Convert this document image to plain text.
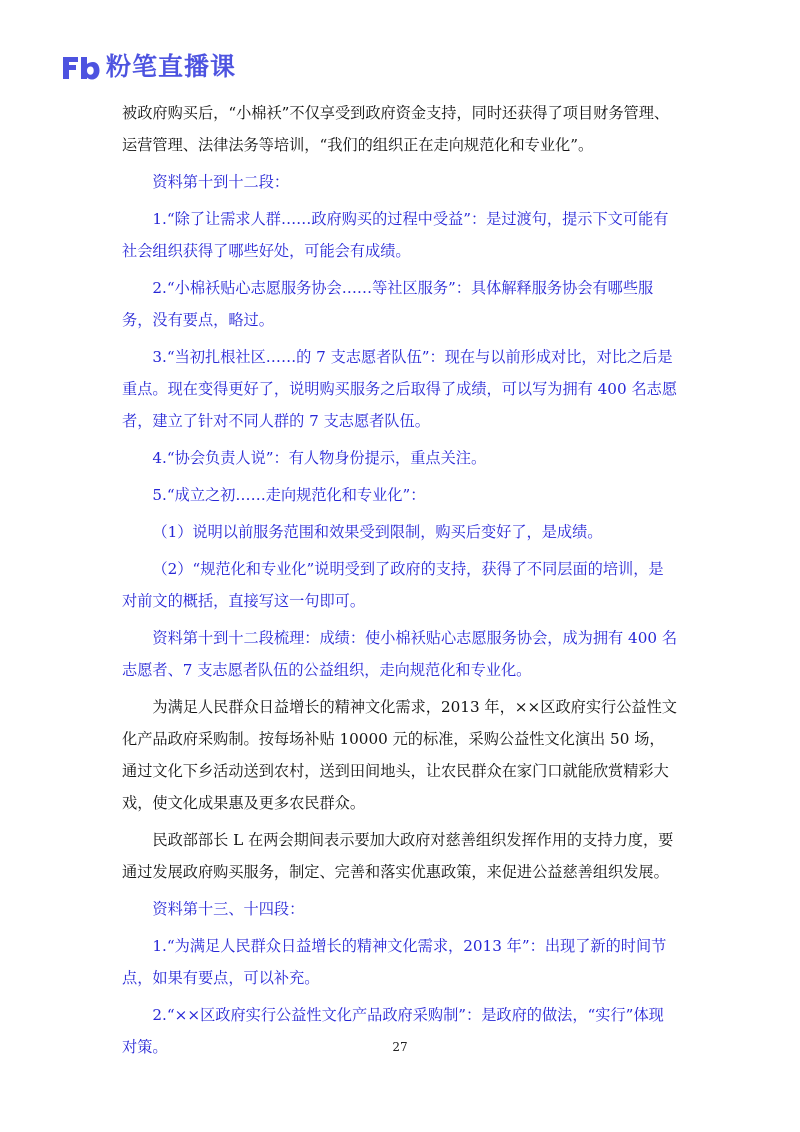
粉笔直播课

被政府购买后，“小棉袄”不仅享受到政府资金支持，同时还获得了项目财务管理、运营管理、法律法务等培训，“我们的组织正在走向规范化和专业化”。

资料第十到十二段：

1.“除了让需求人群……政府购买的过程中受益”：是过渡句，提示下文可能有社会组织获得了哪些好处，可能会有成绩。

2.“小棉袄贴心志愿服务协会……等社区服务”：具体解释服务协会有哪些服务，没有要点，略过。

3.“当初扎根社区……的 7 支志愿者队伍”：现在与以前形成对比，对比之后是重点。现在变得更好了，说明购买服务之后取得了成绩，可以写为拥有 400 名志愿者，建立了针对不同人群的 7 支志愿者队伍。

4.“协会负责人说”：有人物身份提示，重点关注。

5.“成立之初……走向规范化和专业化”：

（1）说明以前服务范围和效果受到限制，购买后变好了，是成绩。

（2）“规范化和专业化”说明受到了政府的支持，获得了不同层面的培训，是对前文的概括，直接写这一句即可。

资料第十到十二段梳理：成绩：使小棉袄贴心志愿服务协会，成为拥有 400 名志愿者、7 支志愿者队伍的公益组织，走向规范化和专业化。

为满足人民群众日益增长的精神文化需求，2013 年，××区政府实行公益性文化产品政府采购制。按每场补贴 10000 元的标准，采购公益性文化演出 50 场，通过文化下乡活动送到农村，送到田间地头，让农民群众在家门口就能欣赏精彩大戏，使文化成果惠及更多农民群众。

民政部部长 L 在两会期间表示要加大政府对慈善组织发挥作用的支持力度，要通过发展政府购买服务，制定、完善和落实优惠政策，来促进公益慈善组织发展。

资料第十三、十四段：

1.“为满足人民群众日益增长的精神文化需求，2013 年”：出现了新的时间节点，如果有要点，可以补充。

2.“××区政府实行公益性文化产品政府采购制”：是政府的做法，“实行”体现对策。	27
